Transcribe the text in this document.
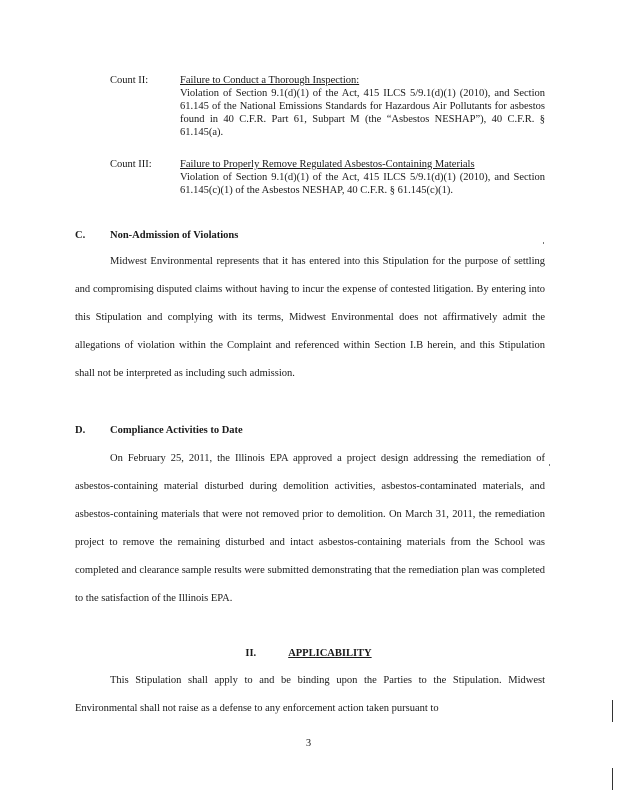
Count II:	Failure to Conduct a Thorough Inspection:
Violation of Section 9.1(d)(1) of the Act, 415 ILCS 5/9.1(d)(1) (2010), and Section 61.145 of the National Emissions Standards for Hazardous Air Pollutants for asbestos found in 40 C.F.R. Part 61, Subpart M (the “Asbestos NESHAP”), 40 C.F.R. § 61.145(a).
Count III:	Failure to Properly Remove Regulated Asbestos-Containing Materials
Violation of Section 9.1(d)(1) of the Act, 415 ILCS 5/9.1(d)(1) (2010), and Section 61.145(c)(1) of the Asbestos NESHAP, 40 C.F.R. § 61.145(c)(1).
C. Non-Admission of Violations
Midwest Environmental represents that it has entered into this Stipulation for the purpose of settling and compromising disputed claims without having to incur the expense of contested litigation. By entering into this Stipulation and complying with its terms, Midwest Environmental does not affirmatively admit the allegations of violation within the Complaint and referenced within Section I.B herein, and this Stipulation shall not be interpreted as including such admission.
D. Compliance Activities to Date
On February 25, 2011, the Illinois EPA approved a project design addressing the remediation of asbestos-containing material disturbed during demolition activities, asbestos-contaminated materials, and asbestos-containing materials that were not removed prior to demolition. On March 31, 2011, the remediation project to remove the remaining disturbed and intact asbestos-containing materials from the School was completed and clearance sample results were submitted demonstrating that the remediation plan was completed to the satisfaction of the Illinois EPA.
II.	APPLICABILITY
This Stipulation shall apply to and be binding upon the Parties to the Stipulation. Midwest Environmental shall not raise as a defense to any enforcement action taken pursuant to
3
